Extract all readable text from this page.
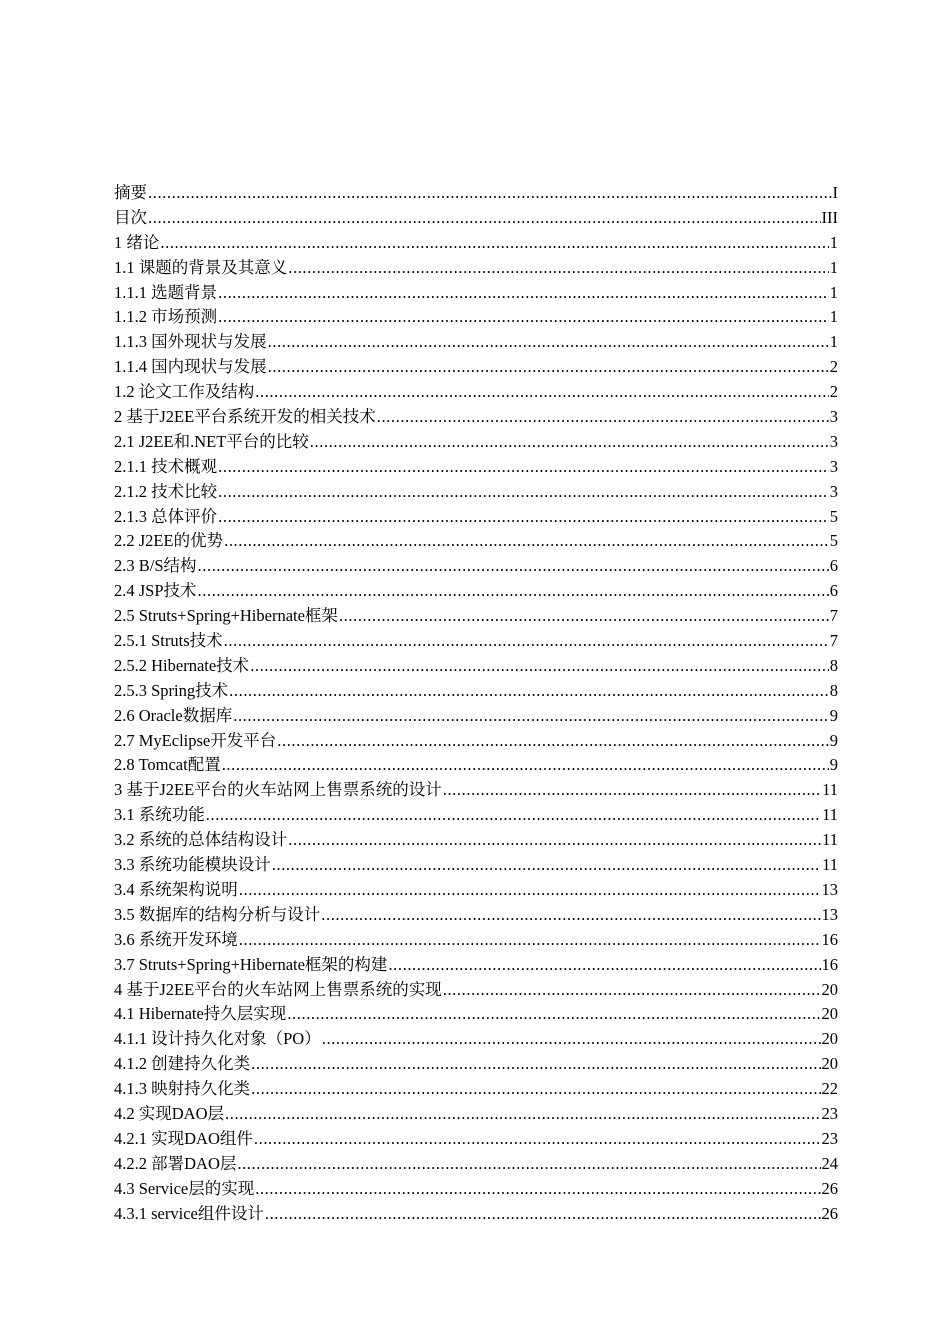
摘要 .....	I
目次 .....	III
1 绪论 .....	1
1.1 课题的背景及其意义 .....	1
1.1.1 选题背景 .....	1
1.1.2 市场预测 .....	1
1.1.3 国外现状与发展 .....	1
1.1.4 国内现状与发展 .....	2
1.2 论文工作及结构 .....	2
2 基于J2EE平台系统开发的相关技术 .....	3
2.1 J2EE和.NET平台的比较 .....	3
2.1.1 技术概观 .....	3
2.1.2 技术比较 .....	3
2.1.3 总体评价 .....	5
2.2 J2EE的优势 .....	5
2.3 B/S结构 .....	6
2.4 JSP技术 .....	6
2.5 Struts+Spring+Hibernate框架 .....	7
2.5.1 Struts技术 .....	7
2.5.2 Hibernate技术 .....	8
2.5.3 Spring技术 .....	8
2.6 Oracle数据库 .....	9
2.7 MyEclipse开发平台 .....	9
2.8 Tomcat配置 .....	9
3 基于J2EE平台的火车站网上售票系统的设计 .....	11
3.1 系统功能 .....	11
3.2 系统的总体结构设计 .....	11
3.3 系统功能模块设计 .....	11
3.4 系统架构说明 .....	13
3.5 数据库的结构分析与设计 .....	13
3.6 系统开发环境 .....	16
3.7 Struts+Spring+Hibernate框架的构建 .....	16
4 基于J2EE平台的火车站网上售票系统的实现 .....	20
4.1 Hibernate持久层实现 .....	20
4.1.1 设计持久化对象（PO） .....	20
4.1.2 创建持久化类 .....	20
4.1.3 映射持久化类 .....	22
4.2 实现DAO层 .....	23
4.2.1 实现DAO组件 .....	23
4.2.2 部署DAO层 .....	24
4.3 Service层的实现 .....	26
4.3.1 service组件设计 .....	26
